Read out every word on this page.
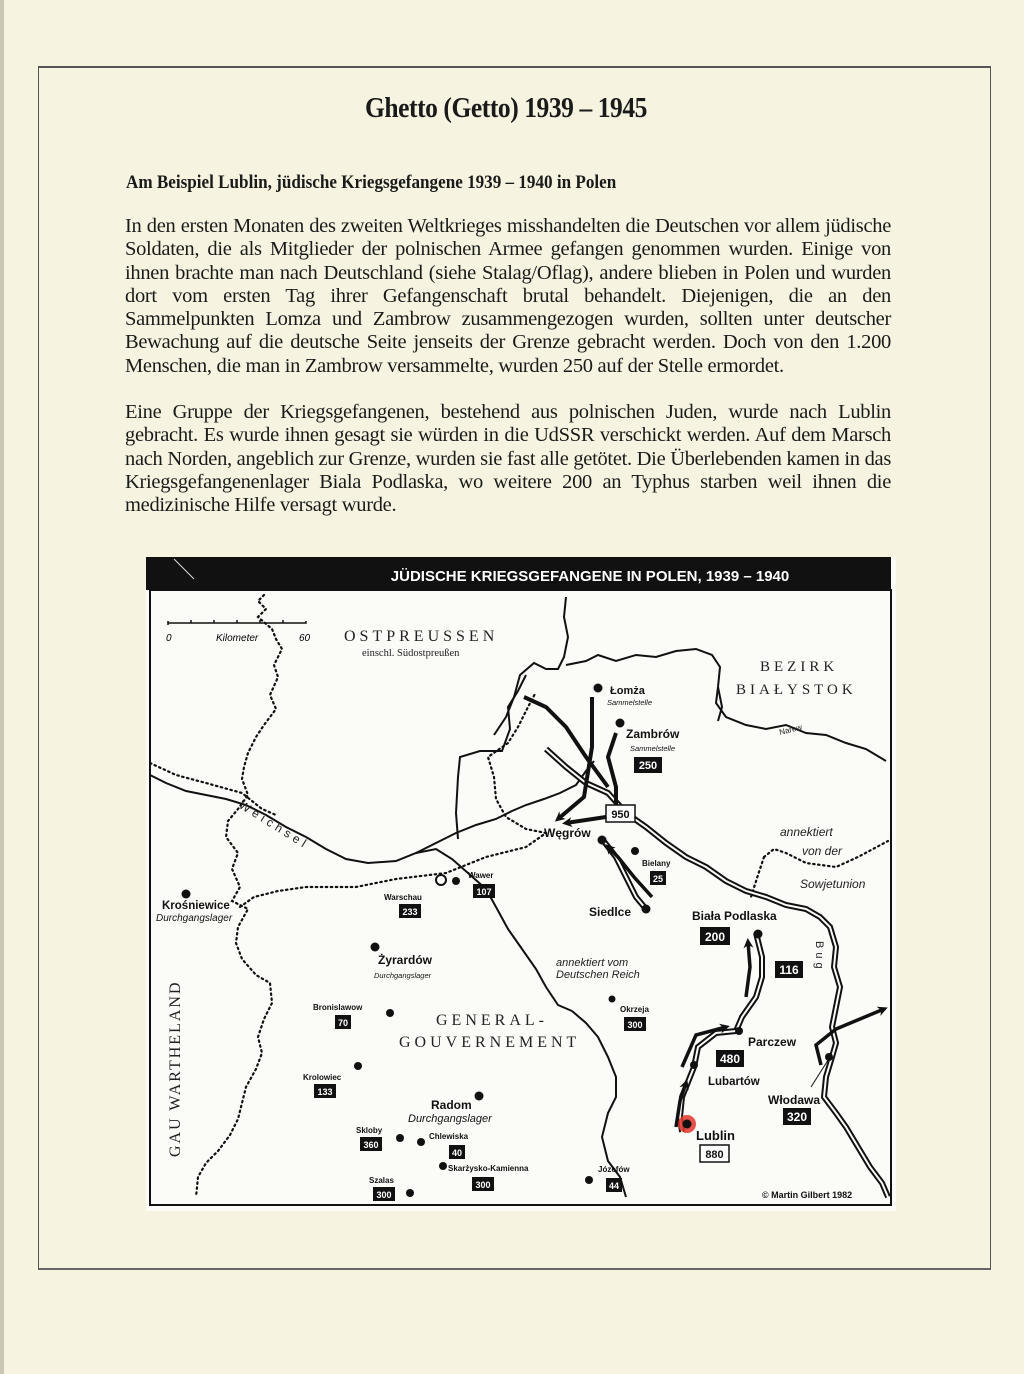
Ghetto (Getto) 1939 – 1945
Am Beispiel Lublin, jüdische Kriegsgefangene 1939 – 1940 in Polen
In den ersten Monaten des zweiten Weltkrieges misshandelten die Deutschen vor allem jüdische Soldaten, die als Mitglieder der polnischen Armee gefangen genommen wurden. Einige von ihnen brachte man nach Deutschland (siehe Stalag/Oflag), andere blieben in Polen und wurden dort vom ersten Tag ihrer Gefangenschaft brutal behandelt. Diejenigen, die an den Sammelpunkten Lomza und Zambrow zusammengezogen wurden, sollten unter deutscher Bewachung auf die deutsche Seite jenseits der Grenze gebracht werden. Doch von den 1.200 Menschen, die man in Zambrow versammelte, wurden 250 auf der Stelle ermordet.
Eine Gruppe der Kriegsgefangenen, bestehend aus polnischen Juden, wurde nach Lublin gebracht. Es wurde ihnen gesagt sie würden in die UdSSR verschickt werden. Auf dem Marsch nach Norden, angeblich zur Grenze, wurden sie fast alle getötet. Die Überlebenden kamen in das Kriegsgefangenenlager Biala Podlaska, wo weitere 200 an Typhus starben weil ihnen die medizinische Hilfe versagt wurde.
JÜDISCHE KRIEGSGEFANGENE IN POLEN, 1939 – 1940
0	Kilometer	60 OSTPREUSSEN
einschl. Südostpreußen
BEZIRK
BIAŁYSTOK
GENERAL-
GOUVERNEMENT
GAU WARTHELAND
annektiert vom
Deutschen Reich
annektiert
von der
Sowjetunion
Weichsel
Narew
Bug
Łomża
Sammelstelle
Zambrów
Sammelstelle
250
950
Węgrów
Bielany
25
Siedlce
Wawer
107
Warschau
233
Krośniewice
Durchgangslager
Żyrardów
Durchgangslager
Biała Podlaska
200
116
Bronislawow
70
Okrzeja
300
Parczew
480
Krolowiec
133
Lubartów
Radom
Durchgangslager
Włodawa
320
Skloby
360
Chlewiska
40
Lublin
880
Skarżysko-Kamienna
300
Szalas
300
Józefów
44
© Martin Gilbert 1982
